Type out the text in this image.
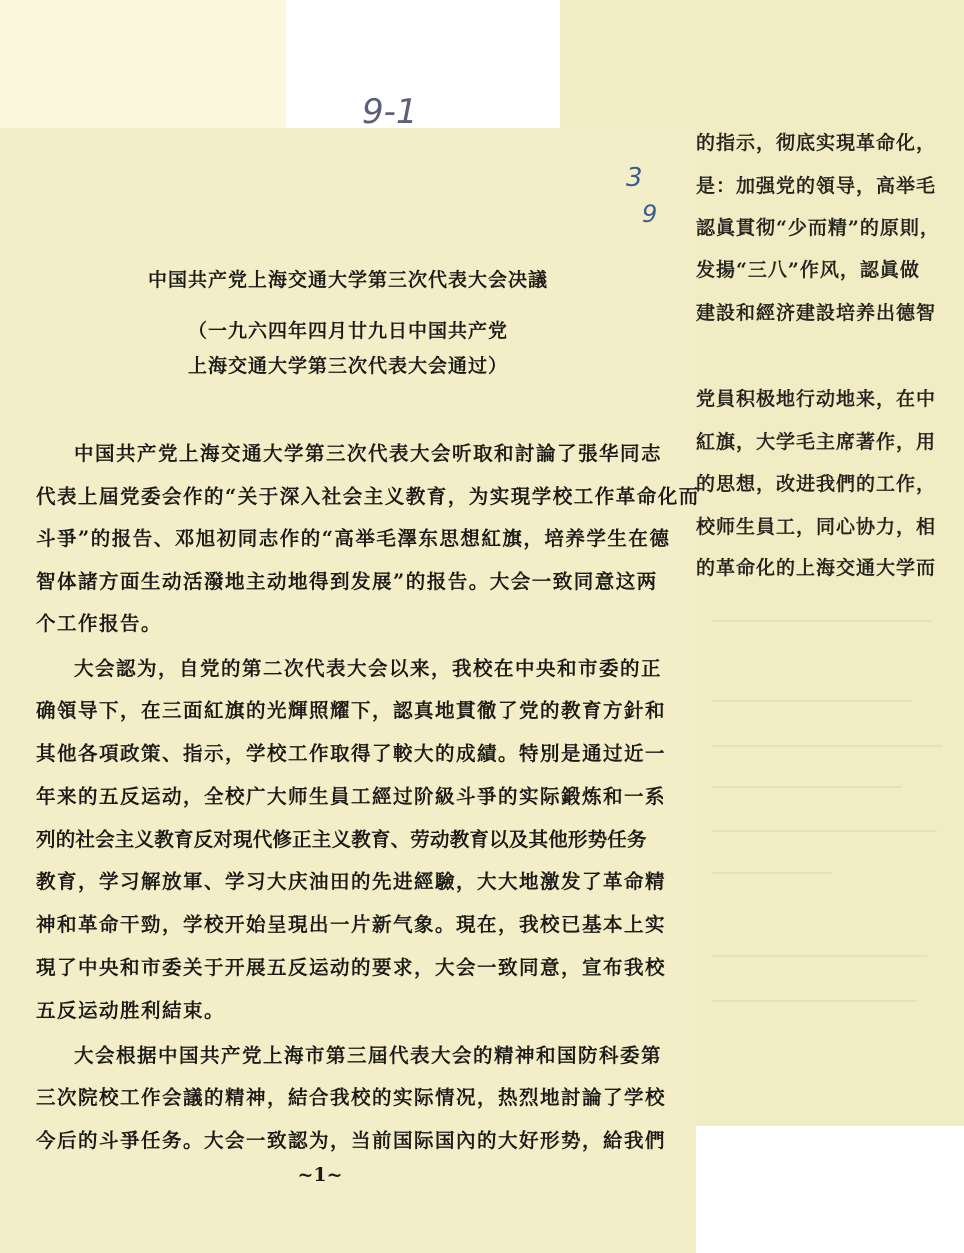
的指示，彻底实現革命化，
是：加强党的領导，高举毛
認眞貫彻“少而精”的原則，
发揚“三八”作风，認眞做
建設和經济建設培养出德智
党員积极地行动地来，在中
紅旗，大学毛主席著作，用
的思想，改进我們的工作，
校师生員工，同心协力，相
的革命化的上海交通大学而
9-1
3
9
中国共产党上海交通大学第三次代表大会决議
（一九六四年四月廿九日中国共产党
上海交通大学第三次代表大会通过）
中国共产党上海交通大学第三次代表大会听取和討論了張华同志
代表上屆党委会作的“关于深入社会主义教育，为实現学校工作革命化而
斗爭”的报告、邓旭初同志作的“高举毛澤东思想紅旗，培养学生在德
智体諸方面生动活潑地主动地得到发展”的报告。大会一致同意这两
个工作报告。
大会認为，自党的第二次代表大会以来，我校在中央和市委的正
确領导下，在三面紅旗的光輝照耀下，認真地貫徹了党的教育方針和
其他各項政策、指示，学校工作取得了較大的成績。特別是通过近一
年来的五反运动，全校广大师生員工經过阶級斗爭的实际鍛炼和一系
列的社会主义教育反对現代修正主义教育、劳动教育以及其他形势任务
教育，学习解放軍、学习大庆油田的先进經驗，大大地激发了革命精
神和革命干勁，学校开始呈現出一片新气象。現在，我校已基本上实
現了中央和市委关于开展五反运动的要求，大会一致同意，宣布我校
五反运动胜利結束。
大会根据中国共产党上海市第三屆代表大会的精神和国防科委第
三次院校工作会議的精神，結合我校的实际情况，热烈地討論了学校
今后的斗爭任务。大会一致認为，当前国际国內的大好形势，給我們
~1~
